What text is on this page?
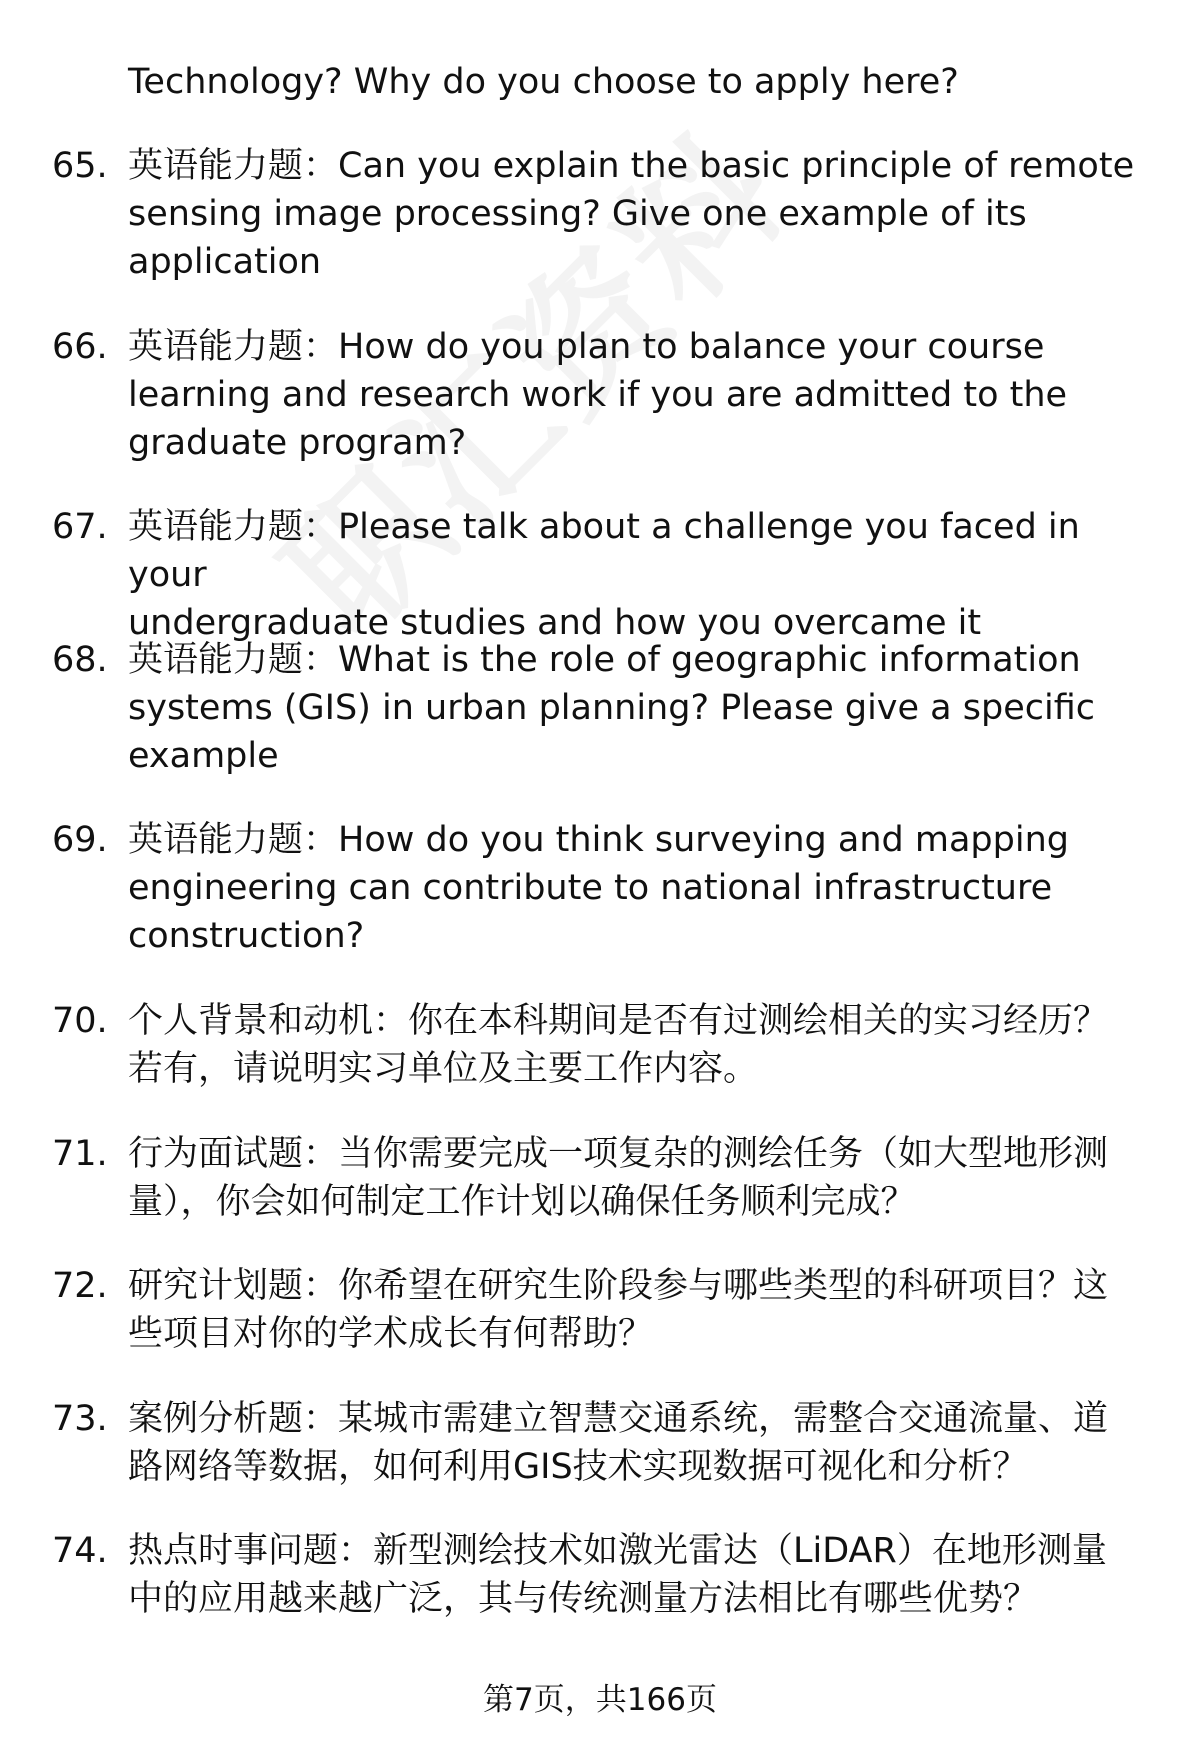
Technology? Why do you choose to apply here?
65. 英语能力题：Can you explain the basic principle of remote
sensing image processing? Give one example of its
application
66. 英语能力题：How do you plan to balance your course
learning and research work if you are admitted to the
graduate program?
67. 英语能力题：Please talk about a challenge you faced in your
undergraduate studies and how you overcame it
68. 英语能力题：What is the role of geographic information
systems (GIS) in urban planning? Please give a specific
example
69. 英语能力题：How do you think surveying and mapping
engineering can contribute to national infrastructure
construction?
70. 个人背景和动机：你在本科期间是否有过测绘相关的实习经历？
若有，请说明实习单位及主要工作内容。
71. 行为面试题：当你需要完成一项复杂的测绘任务（如大型地形测
量），你会如何制定工作计划以确保任务顺利完成？
72. 研究计划题：你希望在研究生阶段参与哪些类型的科研项目？这
些项目对你的学术成长有何帮助？
73. 案例分析题：某城市需建立智慧交通系统，需整合交通流量、道
路网络等数据，如何利用GIS技术实现数据可视化和分析？
74. 热点时事问题：新型测绘技术如激光雷达（LiDAR）在地形测量
中的应用越来越广泛，其与传统测量方法相比有哪些优势？
第7页，共166页
